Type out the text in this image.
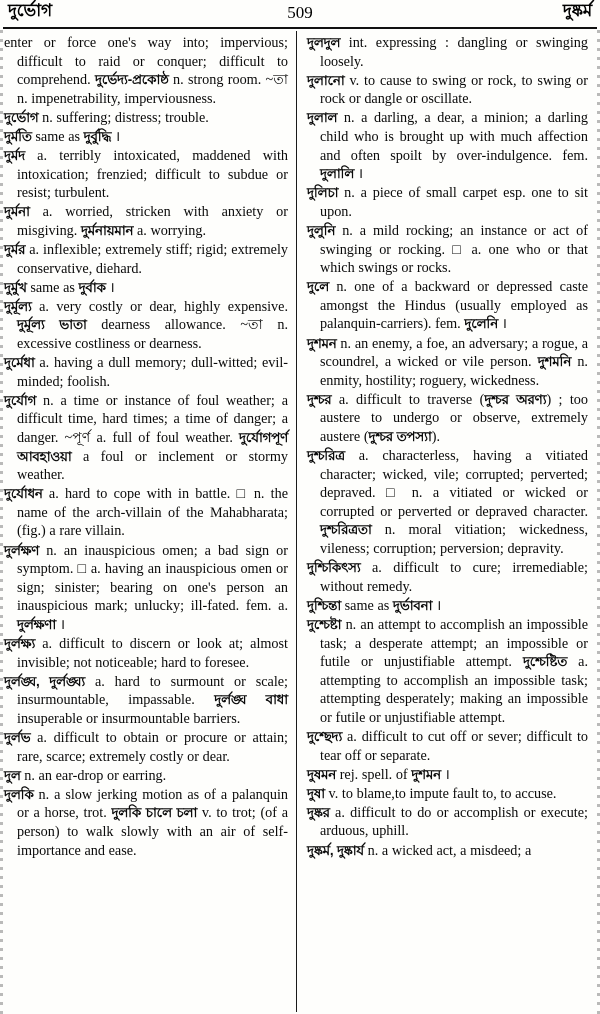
দুর্ভোগ	509	দুষ্কর্ম

enter or force one's way into; impervious; difficult to raid or conquer; difficult to comprehend. দুর্ভেদ্য-প্রকোষ্ঠ n. strong room. ~তা n. impenetrability, imperviousness.

দুর্ভোগ n. suffering; distress; trouble.

দুর্মতি same as দুর্বুদ্ধি ।

দুর্মদ a. terribly intoxicated, maddened with intoxication; frenzied; difficult to subdue or resist; turbulent.

দুর্মনা a. worried, stricken with anxiety or misgiving. দুর্মনায়মান a. worrying.

দুর্মর a. inflexible; extremely stiff; rigid; extremely conservative, diehard.

দুর্মুখ same as দুর্বাক ।

দুর্মূল্য a. very costly or dear, highly expensive. দুর্মূল্য ভাতা dearness allowance. ~তা n. excessive costliness or dearness.

দুর্মেধা a. having a dull memory; dull-witted; evil-minded; foolish.

দুর্যোগ n. a time or instance of foul weather; a difficult time, hard times; a time of danger; a danger. ~পূর্ণ a. full of foul weather. দুর্যোগপূর্ণ আবহাওয়া a foul or inclement or stormy weather.

দুর্যোধন a. hard to cope with in battle. □ n. the name of the arch-villain of the Mahabharata; (fig.) a rare villain.

দুর্লক্ষণ n. an inauspicious omen; a bad sign or symptom. □ a. having an inauspicious omen or sign; sinister; bearing on one's person an inauspicious mark; unlucky; ill-fated. fem. a. দুর্লক্ষণা ।

দুর্লক্ষ্য a. difficult to discern or look at; almost invisible; not noticeable; hard to foresee.

দুর্লঙ্ঘ, দুর্লঙ্ঘ্য a. hard to surmount or scale; insurmountable, impassable. দুর্লঙ্ঘ বাধা insuperable or insurmountable barriers.

দুর্লভ a. difficult to obtain or procure or attain; rare, scarce; extremely costly or dear.

দুল n. an ear-drop or earring.

দুলকি n. a slow jerking motion as of a palanquin or a horse, trot. দুলকি চালে চলা v. to trot; (of a person) to walk slowly with an air of self-importance and ease.

দুলদুল int. expressing : dangling or swinging loosely.

দুলানো v. to cause to swing or rock, to swing or rock or dangle or oscillate.

দুলাল n. a darling, a dear, a minion; a darling child who is brought up with much affection and often spoilt by over-indulgence. fem. দুলালি ।

দুলিচা n. a piece of small carpet esp. one to sit upon.

দুলুনি n. a mild rocking; an instance or act of swinging or rocking. □ a. one who or that which swings or rocks.

দুলে n. one of a backward or depressed caste amongst the Hindus (usually employed as palanquin-carriers). fem. দুলেনি ।

দুশমন n. an enemy, a foe, an adversary; a rogue, a scoundrel, a wicked or vile person. দুশমনি n. enmity, hostility; roguery, wickedness.

দুশ্চর a. difficult to traverse (দুশ্চর অরণ্য) ; too austere to undergo or observe, extremely austere (দুশ্চর তপস্যা).

দুশ্চরিত্র a. characterless, having a vitiated character; wicked, vile; corrupted; perverted; depraved. □ n. a vitiated or wicked or corrupted or perverted or depraved character. দুশ্চরিত্রতা n. moral vitiation; wickedness, vileness; corruption; perversion; depravity.

দুশ্চিকিৎস্য a. difficult to cure; irremediable; without remedy.

দুশ্চিন্তা same as দুর্ভাবনা ।

দুশ্চেষ্টা n. an attempt to accomplish an impossible task; a desperate attempt; an impossible or futile or unjustifiable attempt. দুশ্চেষ্টিত a. attempting to accomplish an impossible task; attempting desperately; making an impossible or futile or unjustifiable attempt.

দুশ্ছেদ্য a. difficult to cut off or sever; difficult to tear off or separate.

দুষমন rej. spell. of দুশমন ।

দুষা v. to blame,to impute fault to, to accuse.

দুষ্কর a. difficult to do or accomplish or execute; arduous, uphill.

দুষ্কর্ম, দুষ্কার্য n. a wicked act, a misdeed; a
